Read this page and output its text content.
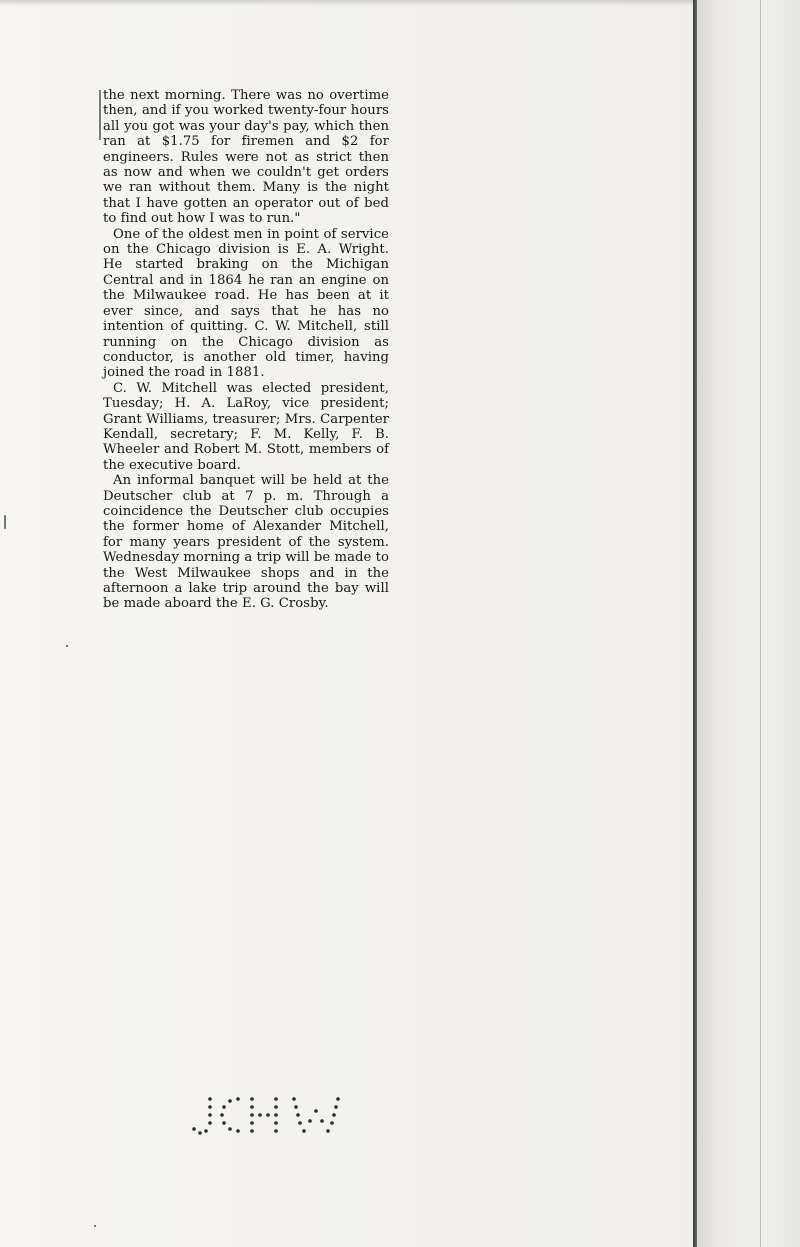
the next morning. There was no overtime then, and if you worked twenty-four hours all you got was your day's pay, which then ran at $1.75 for firemen and $2 for engineers. Rules were not as strict then as now and when we couldn't get orders we ran without them. Many is the night that I have gotten an operator out of bed to find out how I was to run."

One of the oldest men in point of service on the Chicago division is E. A. Wright. He started braking on the Michigan Central and in 1864 he ran an engine on the Milwaukee road. He has been at it ever since, and says that he has no intention of quitting. C. W. Mitchell, still running on the Chicago division as conductor, is another old timer, having joined the road in 1881.

C. W. Mitchell was elected president, Tuesday; H. A. LaRoy, vice president; Grant Williams, treasurer; Mrs. Carpenter Kendall, secretary; F. M. Kelly, F. B. Wheeler and Robert M. Stott, members of the executive board.

An informal banquet will be held at the Deutscher club at 7 p. m. Through a coincidence the Deutscher club occupies the former home of Alexander Mitchell, for many years president of the system. Wednesday morning a trip will be made to the West Milwaukee shops and in the afternoon a lake trip around the bay will be made aboard the E. G. Crosby.
